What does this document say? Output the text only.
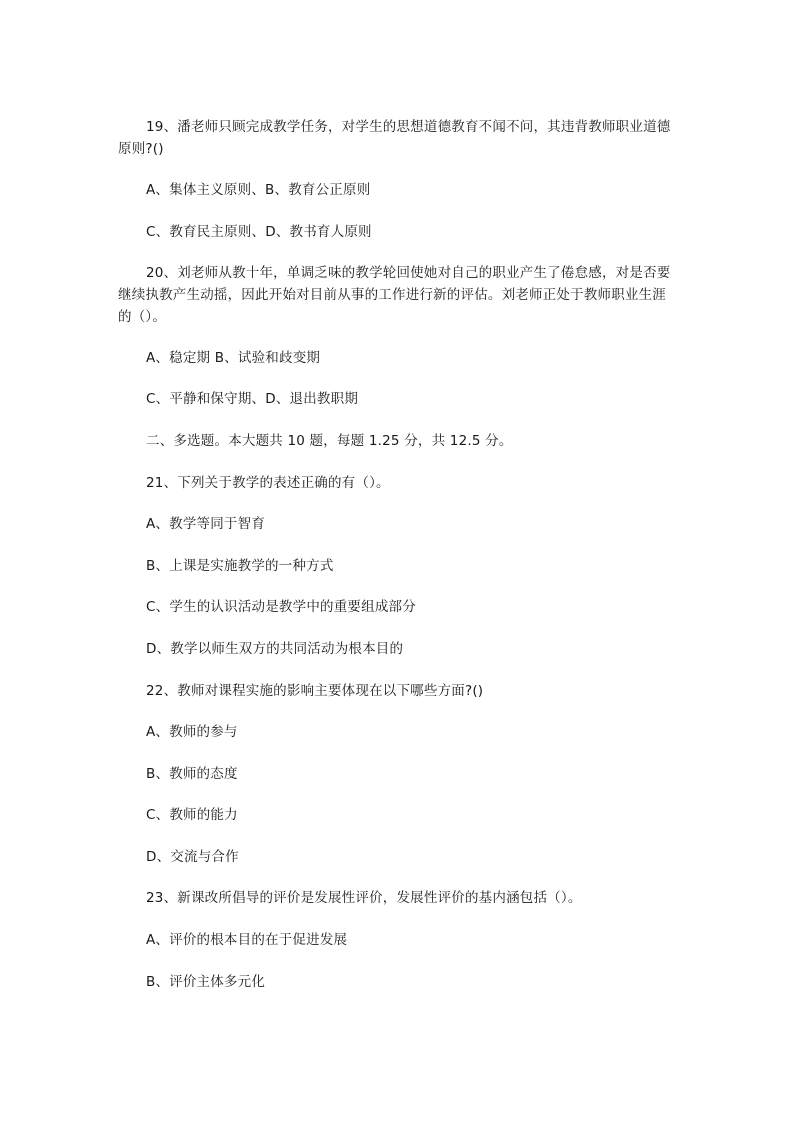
19、潘老师只顾完成教学任务，对学生的思想道德教育不闻不问，其违背教师职业道德原则?()

A、集体主义原则、B、教育公正原则

C、教育民主原则、D、教书育人原则

20、刘老师从教十年，单调乏味的教学轮回使她对自己的职业产生了倦怠感，对是否要继续执教产生动摇，因此开始对目前从事的工作进行新的评估。刘老师正处于教师职业生涯的（）。

A、稳定期 B、试验和歧变期

C、平静和保守期、D、退出教职期

二、多选题。本大题共 10 题，每题 1.25 分，共 12.5 分。

21、下列关于教学的表述正确的有（）。

A、教学等同于智育

B、上课是实施教学的一种方式

C、学生的认识活动是教学中的重要组成部分

D、教学以师生双方的共同活动为根本目的

22、教师对课程实施的影响主要体现在以下哪些方面?()

A、教师的参与

B、教师的态度

C、教师的能力

D、交流与合作

23、新课改所倡导的评价是发展性评价，发展性评价的基内涵包括（）。

A、评价的根本目的在于促进发展

B、评价主体多元化
